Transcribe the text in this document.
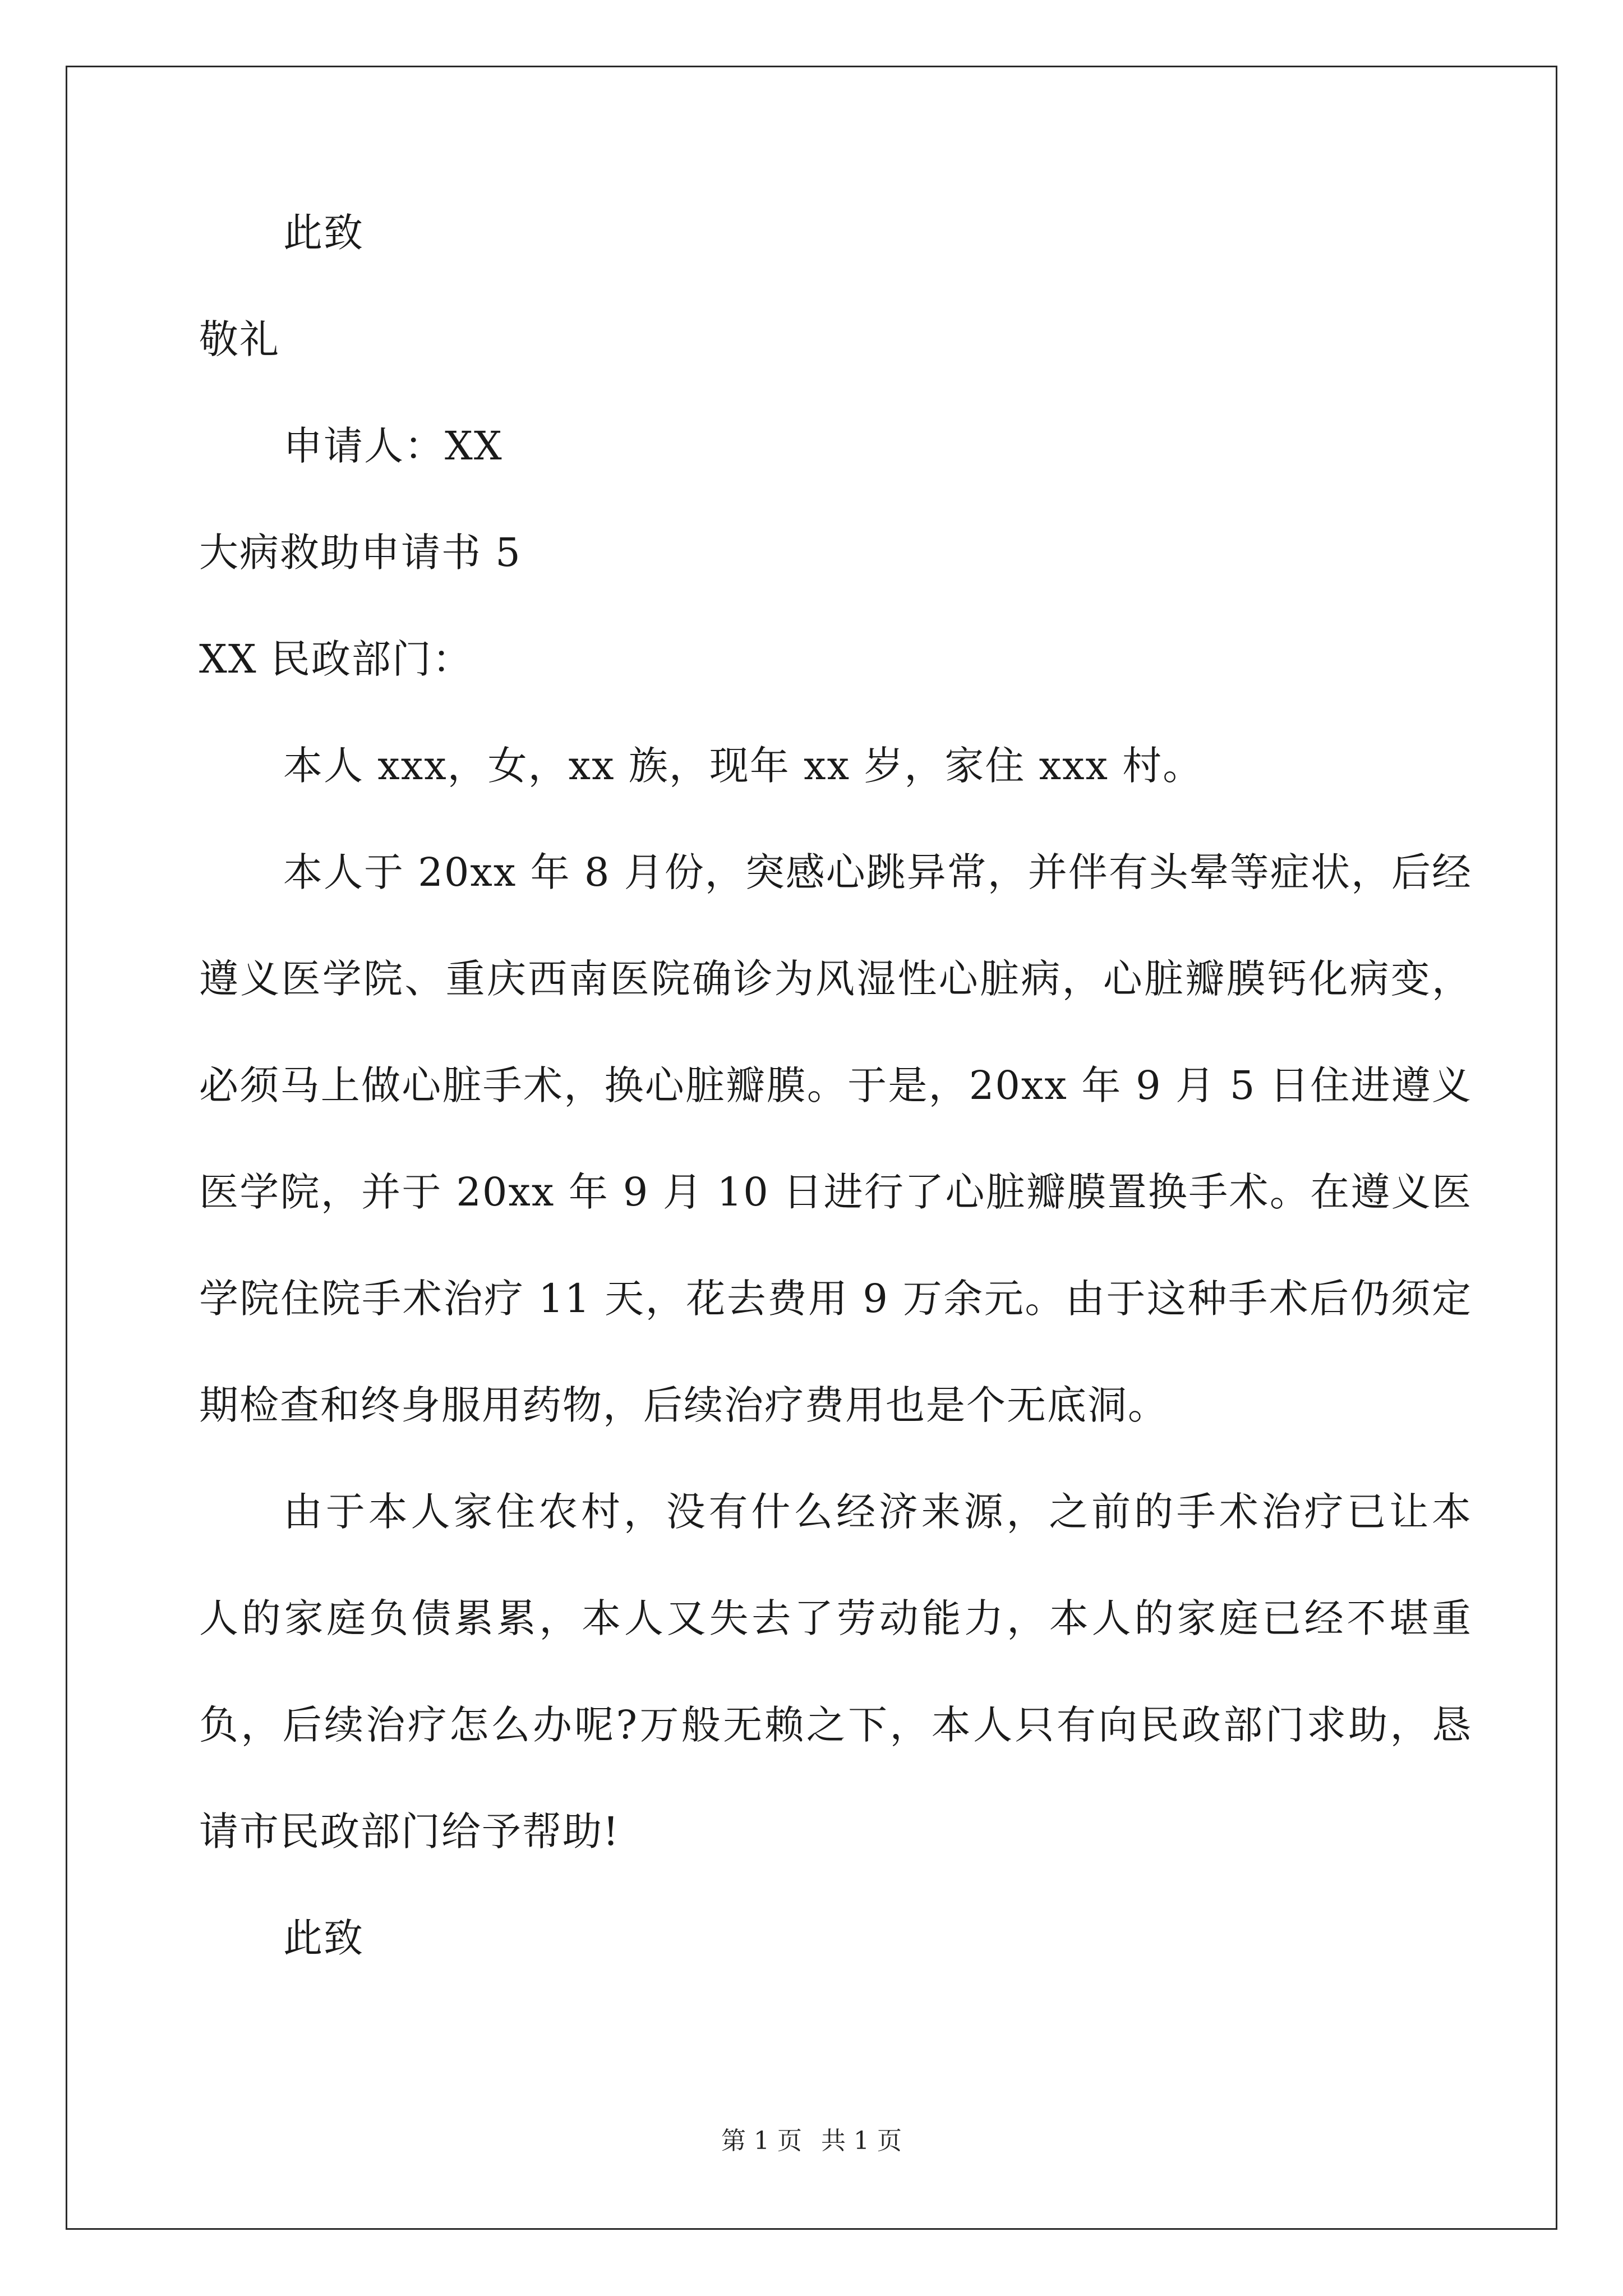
此致
敬礼
申请人：XX
大病救助申请书 5
XX 民政部门：
本人 xxx，女，xx 族，现年 xx 岁，家住 xxx 村。
本人于 20xx 年 8 月份，突感心跳异常，并伴有头晕等症状，后经
遵义医学院、重庆西南医院确诊为风湿性心脏病，心脏瓣膜钙化病变，
必须马上做心脏手术，换心脏瓣膜。于是，20xx 年 9 月 5 日住进遵义
医学院，并于 20xx 年 9 月 10 日进行了心脏瓣膜置换手术。在遵义医
学院住院手术治疗 11 天，花去费用 9 万余元。由于这种手术后仍须定
期检查和终身服用药物，后续治疗费用也是个无底洞。
由于本人家住农村，没有什么经济来源，之前的手术治疗已让本
人的家庭负债累累，本人又失去了劳动能力，本人的家庭已经不堪重
负，后续治疗怎么办呢?万般无赖之下，本人只有向民政部门求助，恳
请市民政部门给予帮助!
此致
第 1 页 共 1 页
